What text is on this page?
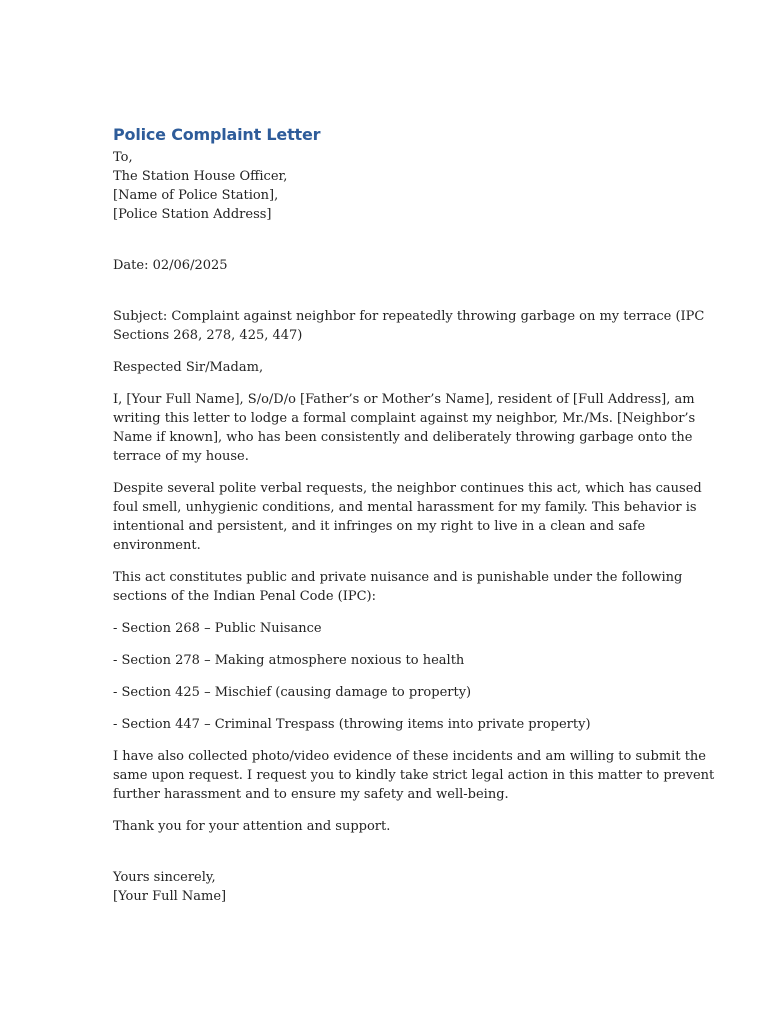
Police Complaint Letter
To,
The Station House Officer,
[Name of Police Station],
[Police Station Address]
Date: 02/06/2025
Subject: Complaint against neighbor for repeatedly throwing garbage on my terrace (IPC
Sections 268, 278, 425, 447)
Respected Sir/Madam,
I, [Your Full Name], S/o/D/o [Father’s or Mother’s Name], resident of [Full Address], am
writing this letter to lodge a formal complaint against my neighbor, Mr./Ms. [Neighbor’s
Name if known], who has been consistently and deliberately throwing garbage onto the
terrace of my house.
Despite several polite verbal requests, the neighbor continues this act, which has caused
foul smell, unhygienic conditions, and mental harassment for my family. This behavior is
intentional and persistent, and it infringes on my right to live in a clean and safe
environment.
This act constitutes public and private nuisance and is punishable under the following
sections of the Indian Penal Code (IPC):
- Section 268 – Public Nuisance
- Section 278 – Making atmosphere noxious to health
- Section 425 – Mischief (causing damage to property)
- Section 447 – Criminal Trespass (throwing items into private property)
I have also collected photo/video evidence of these incidents and am willing to submit the
same upon request. I request you to kindly take strict legal action in this matter to prevent
further harassment and to ensure my safety and well-being.
Thank you for your attention and support.
Yours sincerely,
[Your Full Name]
